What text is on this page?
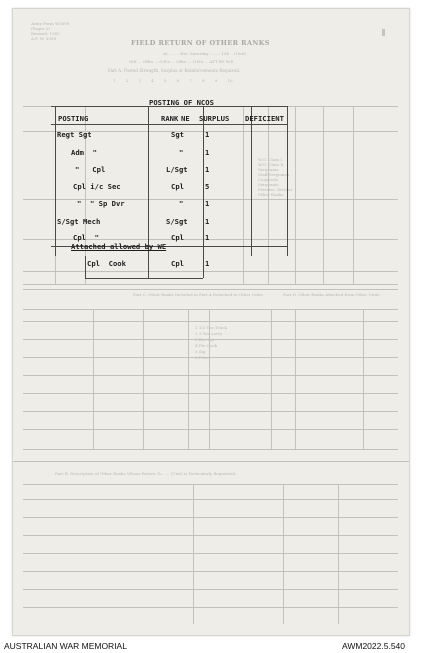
Army Form W3008
(Pages 2)
Revised, 1943
A.F. W. 3008
FIELD RETURN OF OTHER RANKS
At ........ Hrs. Saturday ........ 194 .. (Unit)
W.E ... Offrs ... O.R's ... Offrs ... O.R's ... ATT BY W.E.
Part A. Posted Strength, Surplus or Reinforcements Required.
1        2        3        4        5        6        7        8        9        10
W.O. Class I
W.O. Class II
Sergeants
Staff Sergeants
Corporals
Sergeants
Privates, Drivers
Other Ranks
POSTING OF NCOS
POSTING	RANK NE SURPLUS DEFICIENT
Regt Sgt	Sgt	1
Adm  "	"	1
"   Cpl	L/Sgt 1
Cpl i/c Sec	Cpl	5
"  " Sp Dvr	"	1
S/Sgt Mech	S/Sgt 1
Cpl  "	Cpl	1
Attached allowed by WE
Cpl  Cook	Cpl	1
Part C. Other Ranks Included in Part A Detached to Other Units.	Part D. Other Ranks Attached from Other Units.
1 1/2 Ton Truck
2 3 Ton Lorry
3 Dvr Sgt
4 Pte Cook
5 Sig
6 Fitter
Part B. Description of Other Ranks Whose Return To ..... (Unit) is Particularly Requested.
AUSTRALIAN WAR MEMORIAL	AWM2022.5.540
